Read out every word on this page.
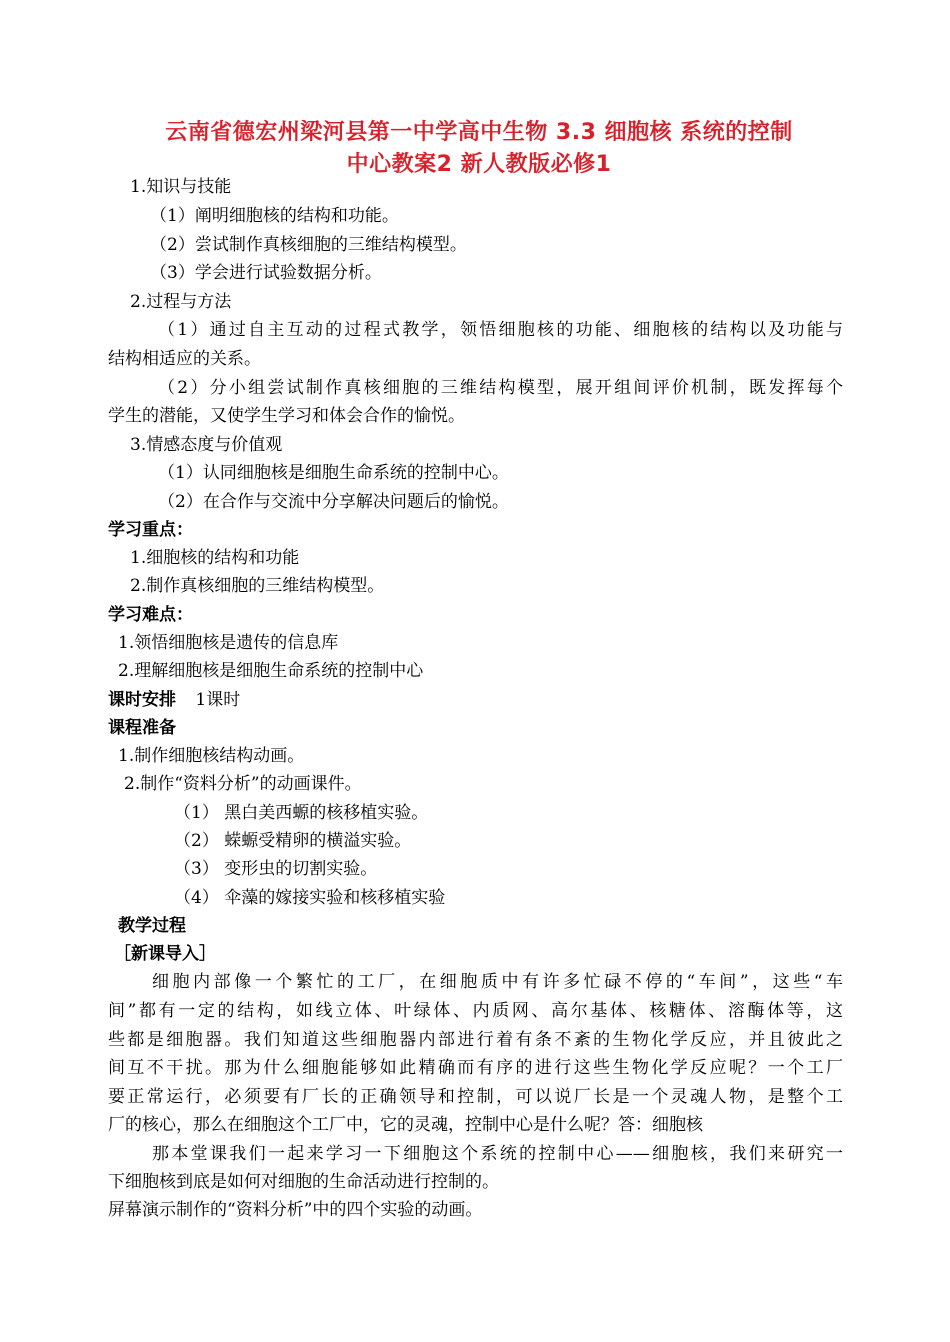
云南省德宏州梁河县第一中学高中生物 3.3 细胞核 系统的控制
中心教案2 新人教版必修1
1.知识与技能
（1）阐明细胞核的结构和功能。
（2）尝试制作真核细胞的三维结构模型。
（3）学会进行试验数据分析。
2.过程与方法
（1）通过自主互动的过程式教学，领悟细胞核的功能、细胞核的结构以及功能与
结构相适应的关系。
（2）分小组尝试制作真核细胞的三维结构模型，展开组间评价机制，既发挥每个
学生的潜能，又使学生学习和体会合作的愉悦。
3.情感态度与价值观
（1）认同细胞核是细胞生命系统的控制中心。
（2）在合作与交流中分享解决问题后的愉悦。
学习重点：
1.细胞核的结构和功能
2.制作真核细胞的三维结构模型。
学习难点：
1.领悟细胞核是遗传的信息库
2.理解细胞核是细胞生命系统的控制中心
课时安排 1课时
课程准备
1.制作细胞核结构动画。
2.制作“资料分析”的动画课件。
（1） 黑白美西螈的核移植实验。
（2） 蝾螈受精卵的横溢实验。
（3） 变形虫的切割实验。
（4） 伞藻的嫁接实验和核移植实验
教学过程
［新课导入］
细胞内部像一个繁忙的工厂，在细胞质中有许多忙碌不停的“车间”，这些“车
间”都有一定的结构，如线立体、叶绿体、内质网、高尔基体、核糖体、溶酶体等，这
些都是细胞器。我们知道这些细胞器内部进行着有条不紊的生物化学反应，并且彼此之
间互不干扰。那为什么细胞能够如此精确而有序的进行这些生物化学反应呢？一个工厂
要正常运行，必须要有厂长的正确领导和控制，可以说厂长是一个灵魂人物，是整个工
厂的核心，那么在细胞这个工厂中，它的灵魂，控制中心是什么呢？答：细胞核
那本堂课我们一起来学习一下细胞这个系统的控制中心——细胞核，我们来研究一
下细胞核到底是如何对细胞的生命活动进行控制的。
屏幕演示制作的“资料分析”中的四个实验的动画。
